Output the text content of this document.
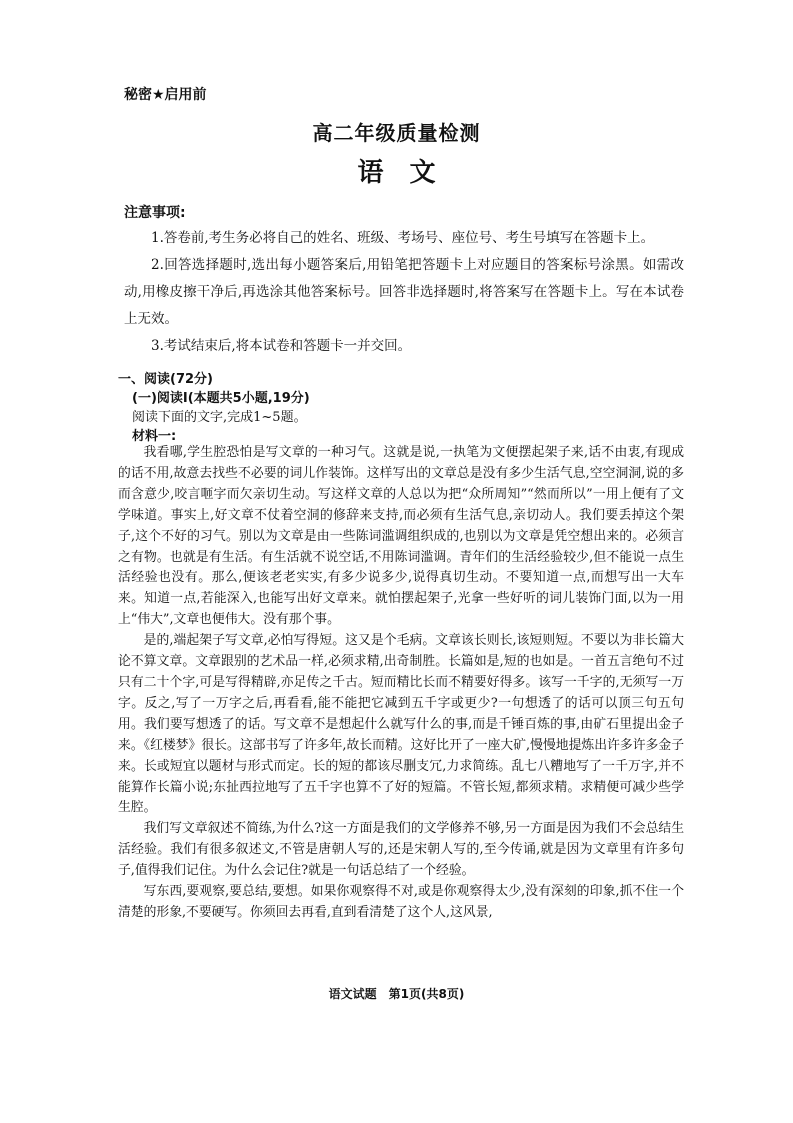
秘密★启用前
高二年级质量检测
语文
注意事项:

1.答卷前,考生务必将自己的姓名、班级、考场号、座位号、考生号填写在答题卡上。

2.回答选择题时,选出每小题答案后,用铅笔把答题卡上对应题目的答案标号涂黑。如需改动,用橡皮擦干净后,再选涂其他答案标号。回答非选择题时,将答案写在答题卡上。写在本试卷上无效。

3.考试结束后,将本试卷和答题卡一并交回。

一、阅读(72分)
(一)阅读Ⅰ(本题共5小题,19分)
阅读下面的文字,完成1~5题。
材料一:

我看哪,学生腔恐怕是写文章的一种习气。这就是说,一执笔为文便摆起架子来,话不由衷,有现成的话不用,故意去找些不必要的词儿作装饰。这样写出的文章总是没有多少生活气息,空空洞洞,说的多而含意少,咬言咂字而欠亲切生动。写这样文章的人总以为把“众所周知”“然而所以”一用上便有了文学味道。事实上,好文章不仗着空洞的修辞来支持,而必须有生活气息,亲切动人。我们要丢掉这个架子,这个不好的习气。别以为文章是由一些陈词滥调组织成的,也别以为文章是凭空想出来的。必须言之有物。也就是有生活。有生活就不说空话,不用陈词滥调。青年们的生活经验较少,但不能说一点生活经验也没有。那么,便该老老实实,有多少说多少,说得真切生动。不要知道一点,而想写出一大车来。知道一点,若能深入,也能写出好文章来。就怕摆起架子,光拿一些好听的词儿装饰门面,以为一用上“伟大”,文章也便伟大。没有那个事。

是的,端起架子写文章,必怕写得短。这又是个毛病。文章该长则长,该短则短。不要以为非长篇大论不算文章。文章跟别的艺术品一样,必须求精,出奇制胜。长篇如是,短的也如是。一首五言绝句不过只有二十个字,可是写得精辟,亦足传之千古。短而精比长而不精要好得多。该写一千字的,无须写一万字。反之,写了一万字之后,再看看,能不能把它减到五千字或更少?一句想透了的话可以顶三句五句用。我们要写想透了的话。写文章不是想起什么就写什么的事,而是千锤百炼的事,由矿石里提出金子来。《红楼梦》很长。这部书写了许多年,故长而精。这好比开了一座大矿,慢慢地提炼出许多许多金子来。长或短宜以题材与形式而定。长的短的都该尽删支冗,力求简练。乱七八糟地写了一千万字,并不能算作长篇小说;东扯西拉地写了五千字也算不了好的短篇。不管长短,都须求精。求精便可减少些学生腔。

我们写文章叙述不简练,为什么?这一方面是我们的文学修养不够,另一方面是因为我们不会总结生活经验。我们有很多叙述文,不管是唐朝人写的,还是宋朝人写的,至今传诵,就是因为文章里有许多句子,值得我们记住。为什么会记住?就是一句话总结了一个经验。

写东西,要观察,要总结,要想。如果你观察得不对,或是你观察得太少,没有深刻的印象,抓不住一个清楚的形象,不要硬写。你须回去再看,直到看清楚了这个人,这风景,

语文试题　第1页(共8页)
